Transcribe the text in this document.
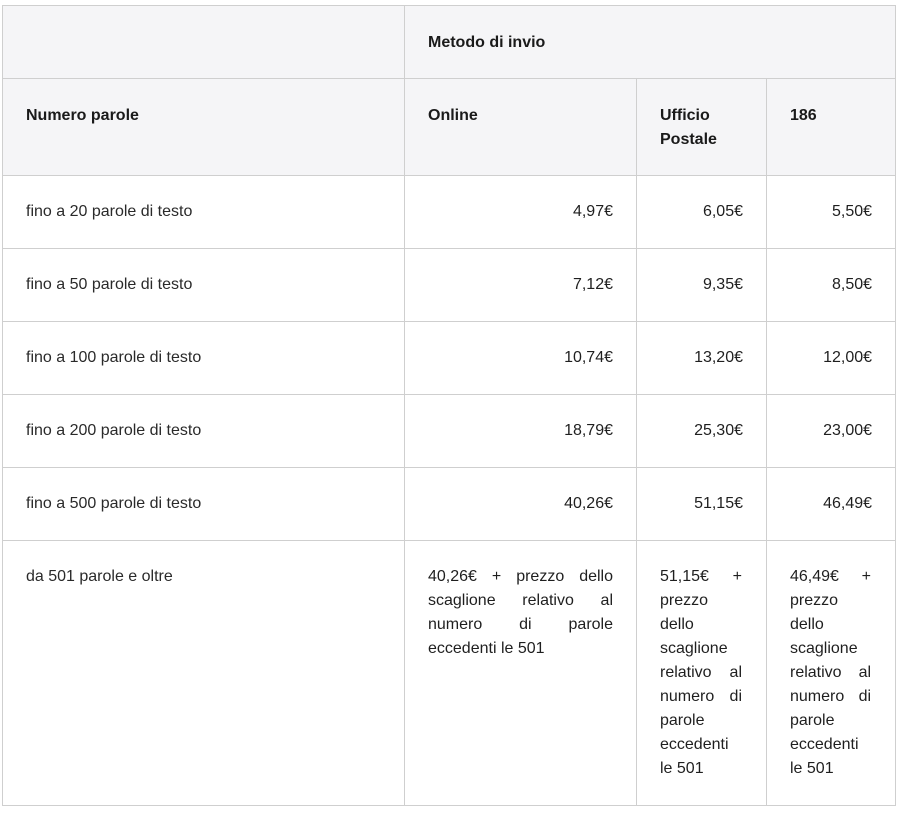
	Metodo di invio		

Numero parole	Online	Ufficio Postale	186

fino a 20 parole di testo	4,97€	6,05€	5,50€

fino a 50 parole di testo	7,12€	9,35€	8,50€

fino a 100 parole di testo	10,74€	13,20€	12,00€

fino a 200 parole di testo	18,79€	25,30€	23,00€

fino a 500 parole di testo	40,26€	51,15€	46,49€

da 501 parole e oltre	40,26€ + prezzo dello scaglione relativo al numero di parole eccedenti le 501	51,15€ + prezzo dello scaglione relativo al numero di parole eccedenti le 501	46,49€ + prezzo dello scaglione relativo al numero di parole eccedenti le 501
